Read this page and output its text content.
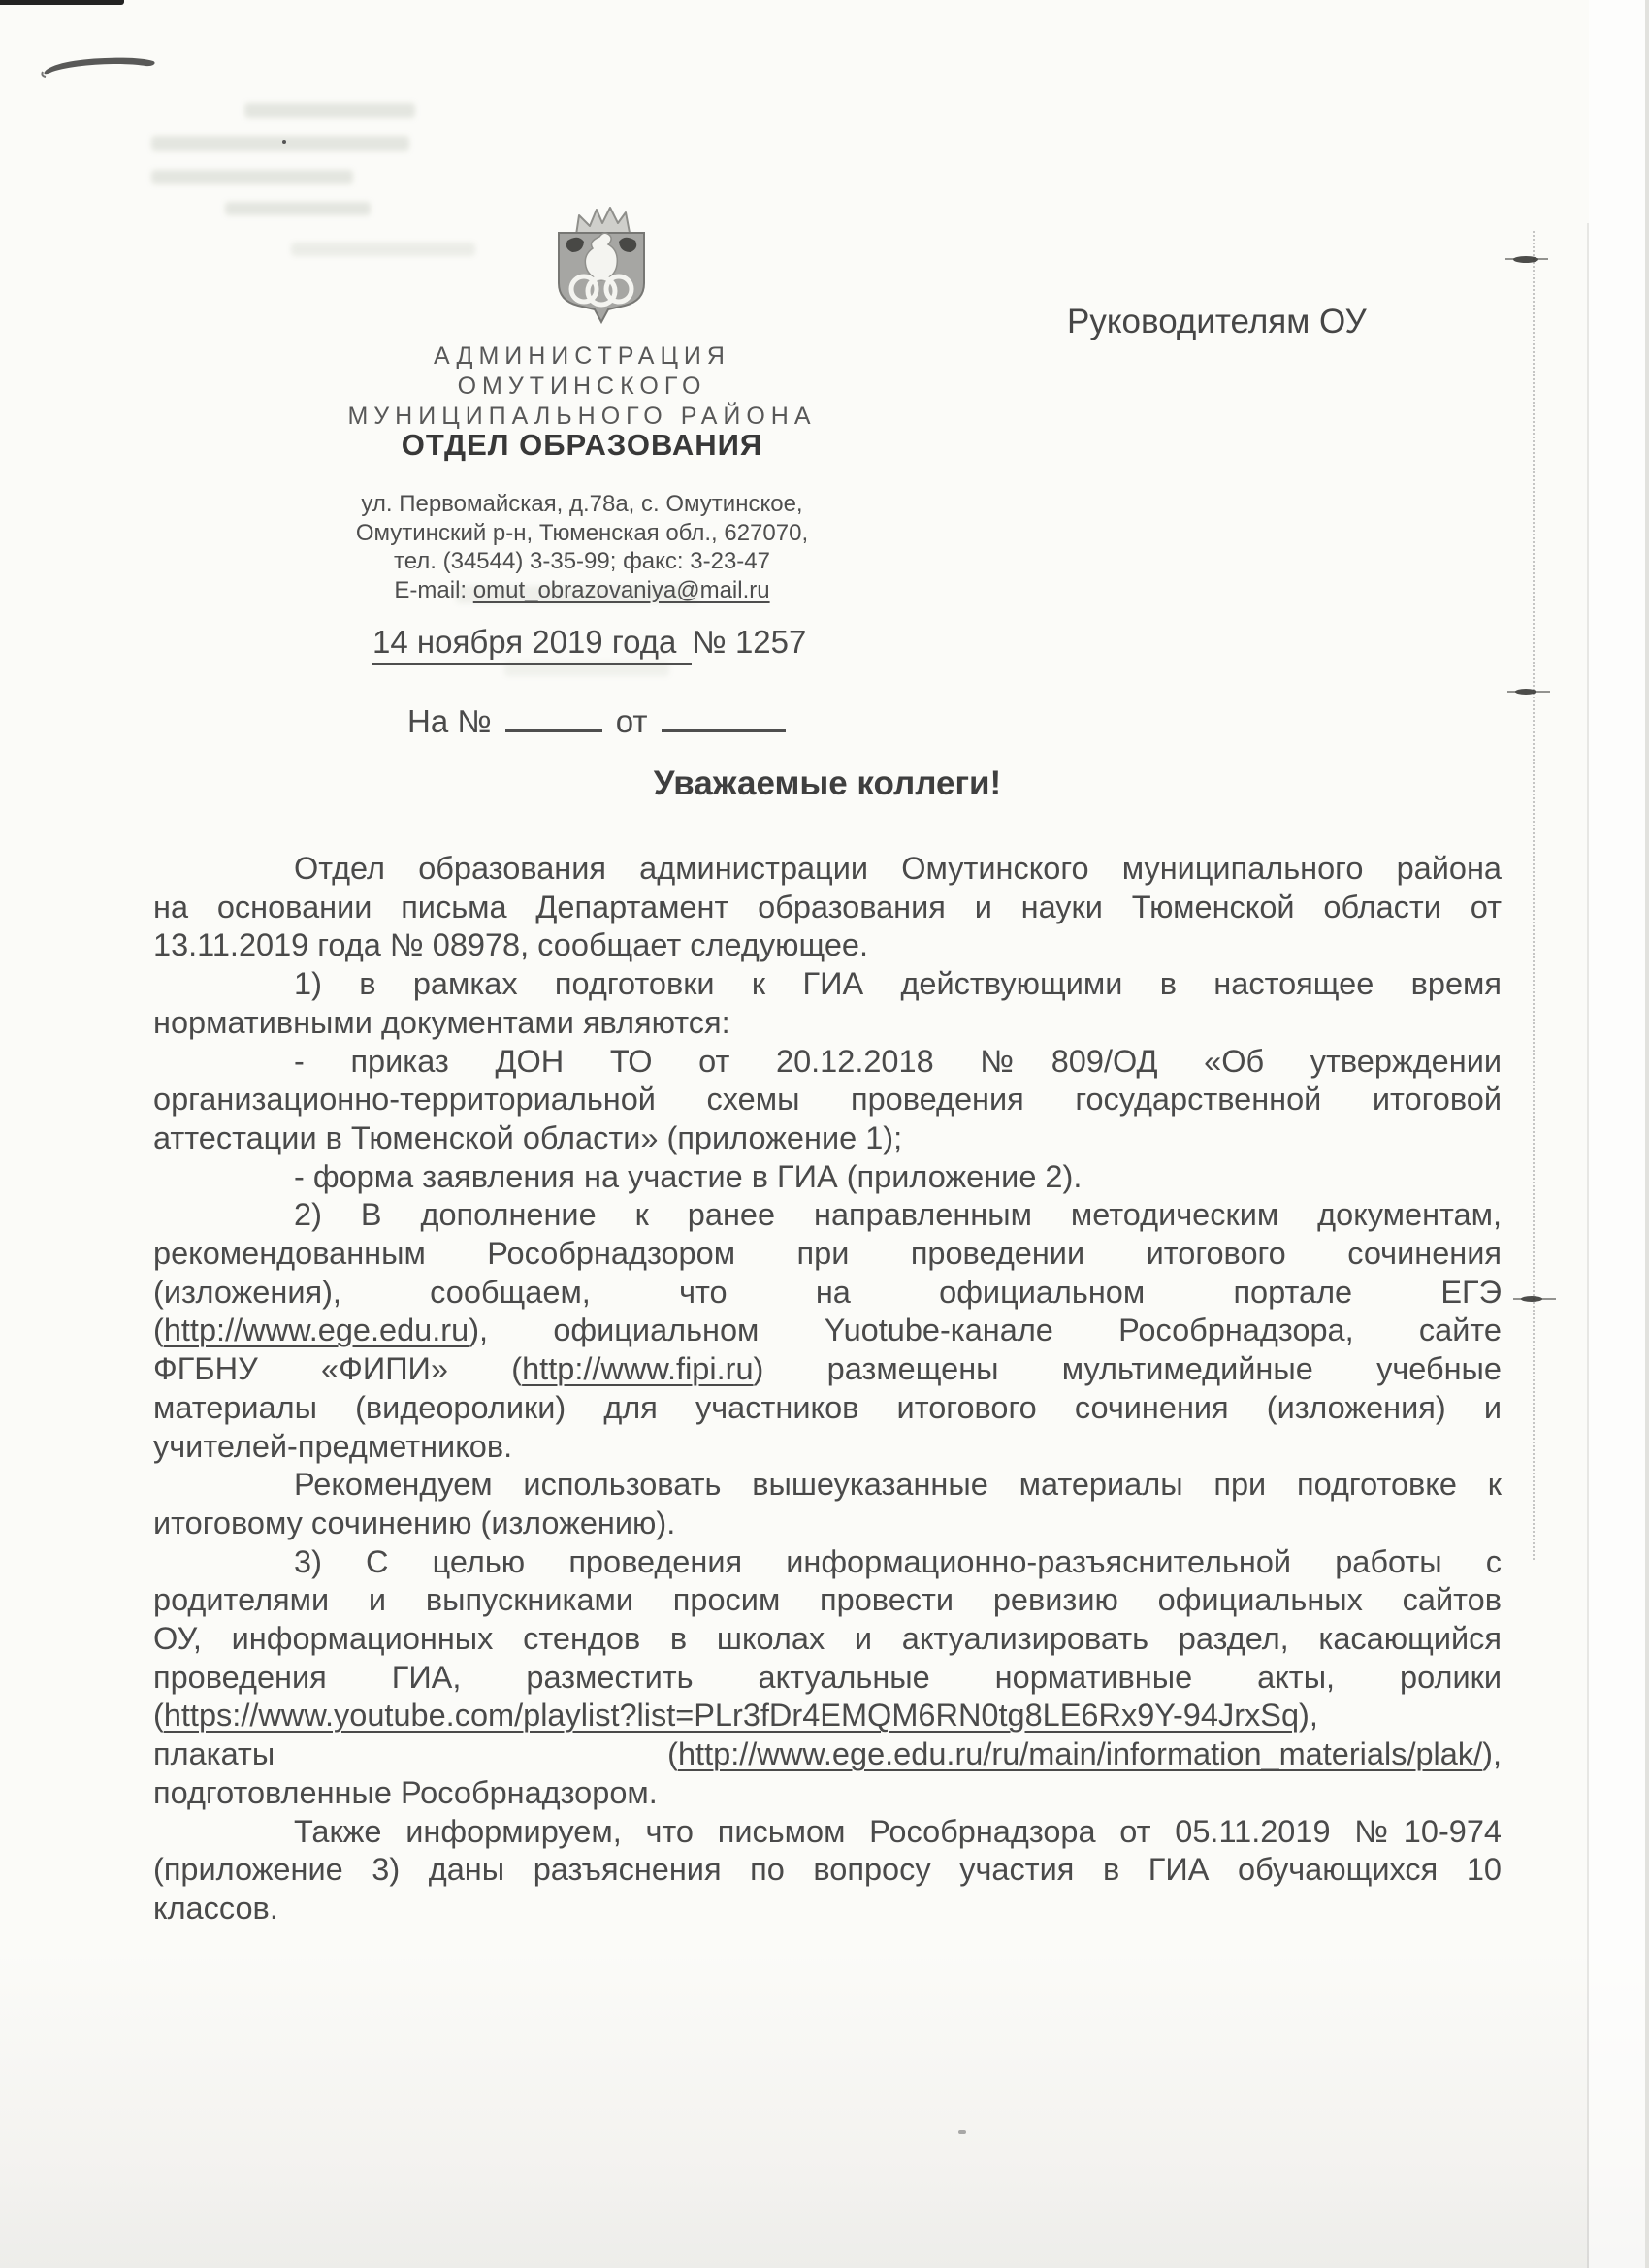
АДМИНИСТРАЦИЯ
ОМУТИНСКОГО
МУНИЦИПАЛЬНОГО РАЙОНА
ОТДЕЛ ОБРАЗОВАНИЯ
ул. Первомайская, д.78а, с. Омутинское,
Омутинский р-н, Тюменская обл., 627070,
тел. (34544) 3-35-99; факс: 3-23-47
E-mail: omut_obrazovaniya@mail.ru
Руководителям ОУ
14 ноября 2019 года № 1257
На №	от
Уважаемые коллеги!
Отдел образования администрации Омутинского муниципального района
на основании письма Департамент образования и науки Тюменской области от
13.11.2019 года № 08978, сообщает следующее.
1) в рамках подготовки к ГИА действующими в настоящее время
нормативными документами являются:
- приказ ДОН ТО от 20.12.2018 №809/ОД «Об утверждении
организационно-территориальной схемы проведения государственной итоговой
аттестации в Тюменской области» (приложение 1);
- форма заявления на участие в ГИА (приложение 2).
2) В дополнение к ранее направленным методическим документам,
рекомендованным Рособрнадзором при проведении итогового сочинения
(изложения), сообщаем, что на официальном портале ЕГЭ
(http://www.ege.edu.ru), официальном Yuotube-канале Рособрнадзора, сайте
ФГБНУ «ФИПИ» (http://www.fipi.ru) размещены мультимедийные учебные
материалы (видеоролики) для участников итогового сочинения (изложения) и
учителей-предметников.
Рекомендуем использовать вышеуказанные материалы при подготовке к
итоговому сочинению (изложению).
3) С целью проведения информационно-разъяснительной работы с
родителями и выпускниками просим провести ревизию официальных сайтов
ОУ, информационных стендов в школах и актуализировать раздел, касающийся
проведения ГИА, разместить актуальные нормативные акты, ролики
(https://www.youtube.com/playlist?list=PLr3fDr4EMQM6RN0tg8LE6Rx9Y-94JrxSq),
плакаты (http://www.ege.edu.ru/ru/main/information_materials/plak/),
подготовленные Рособрнадзором.
Также информируем, что письмом Рособрнадзора от 05.11.2019 №10-974
(приложение 3) даны разъяснения по вопросу участия в ГИА обучающихся 10
классов.
